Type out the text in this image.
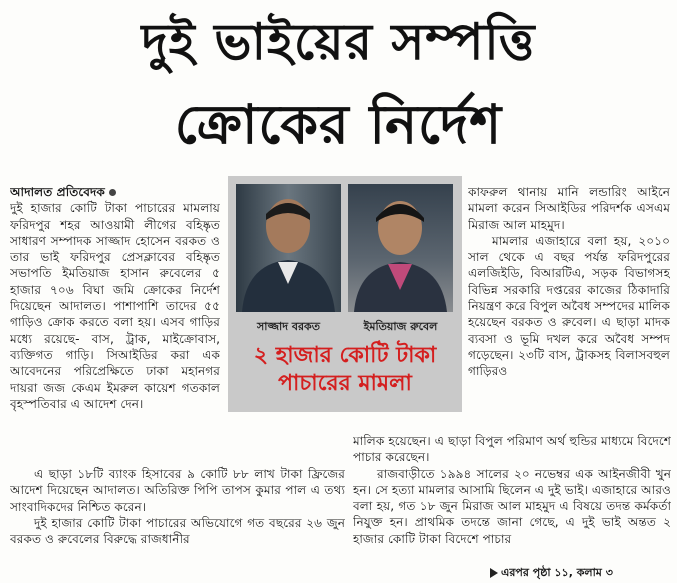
দুই ভাইয়ের সম্পত্তি
ক্রোকের নির্দেশ

আদালত প্রতিবেদক

দুই হাজার কোটি টাকা পাচারের মামলায় ফরিদপুর শহর আওয়ামী লীগের বহিষ্কৃত সাধারণ সম্পাদক সাজ্জাদ হোসেন বরকত ও তার ভাই ফরিদপুর প্রেসক্লাবের বহিষ্কৃত সভাপতি ইমতিয়াজ হাসান রুবেলের ৫ হাজার ৭০৬ বিঘা জমি ক্রোকের নির্দেশ দিয়েছেন আদালত। পাশাপাশি তাদের ৫৫ গাড়িও ক্রোক করতে বলা হয়। এসব গাড়ির মধ্যে রয়েছে- বাস, ট্রাক, মাইক্রোবাস, ব্যক্তিগত গাড়ি। সিআইডির করা এক আবেদনের পরিপ্রেক্ষিতে ঢাকা মহানগর দায়রা জজ কেএম ইমরুল কায়েশ গতকাল বৃহস্পতিবার এ আদেশ দেন।

কাফরুল থানায় মানি লন্ডারিং আইনে মামলা করেন সিআইডির পরিদর্শক এসএম মিরাজ আল মাহমুদ।

মামলার এজাহারে বলা হয়, ২০১০ সাল থেকে এ বছর পর্যন্ত ফরিদপুরের এলজিইডি, বিআরটিএ, সড়ক বিভাগসহ বিভিন্ন সরকারি দপ্তরের কাজের ঠিকাদারি নিয়ন্ত্রণ করে বিপুল অবৈধ সম্পদের মালিক হয়েছেন বরকত ও রুবেল। এ ছাড়া মাদক ব্যবসা ও ভূমি দখল করে অবৈধ সম্পদ গড়েছেন। ২৩টি বাস, ট্রাকসহ বিলাসবহুল গাড়িরও

সাজ্জাদ বরকত	ইমতিয়াজ রুবেল
২ হাজার কোটি টাকা
পাচারের মামলা

এ ছাড়া ১৮টি ব্যাংক হিসাবের ৯ কোটি ৮৮ লাখ টাকা ফ্রিজের আদেশ দিয়েছেন আদালত। অতিরিক্ত পিপি তাপস কুমার পাল এ তথ্য সাংবাদিকদের নিশ্চিত করেন।

দুই হাজার কোটি টাকা পাচারের অভিযোগে গত বছরের ২৬ জুন বরকত ও রুবেলের বিরুদ্ধে রাজধানীর

মালিক হয়েছেন। এ ছাড়া বিপুল পরিমাণ অর্থ হুন্ডির মাধ্যমে বিদেশে পাচার করেছেন।

রাজবাড়ীতে ১৯৯৪ সালের ২০ নভেম্বর এক আইনজীবী খুন হন। সে হত্যা মামলার আসামি ছিলেন এ দুই ভাই। এজাহারে আরও বলা হয়, গত ১৮ জুন মিরাজ আল মাহমুদ এ বিষয়ে তদন্ত কর্মকর্তা নিযুক্ত হন। প্রাথমিক তদন্তে জানা গেছে, এ দুই ভাই অন্তত ২ হাজার কোটি টাকা বিদেশে পাচার

এরপর পৃষ্ঠা ১১, কলাম ৩
